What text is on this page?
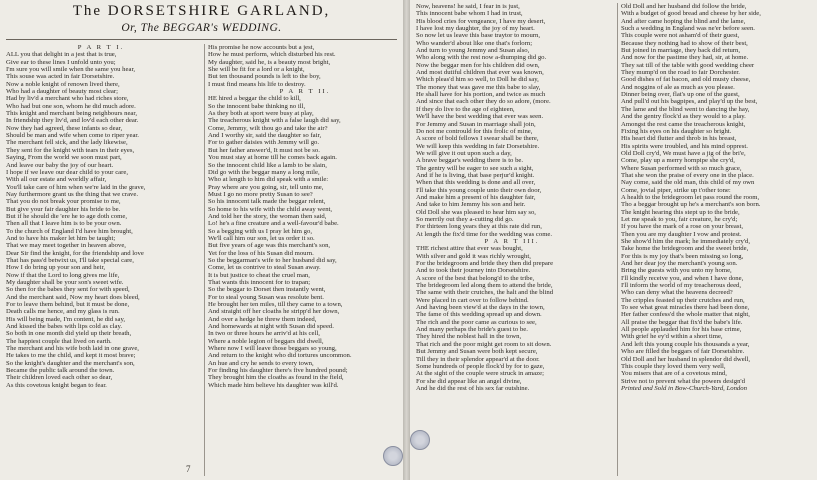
The DORSETSHIRE GARLAND,
Or, The BEGGAR's WEDDING.
P A R T I.
ALL you that delight in a jest that is true,
Give ear to these lines I unfold unto you;
I'm sure you will smile when the same you hear,
This souse was acted in fair Dorsetshire.
Now a noble knight of renown lived there,
Who had a daughter of beauty most clear;
Had by liv'd a merchant who had riches store,
Who had but one son, whom he did much adore.
This knight and merchant being neighbours near,
In friendship they liv'd, and lov'd each other dear.
Now they had agreed, these infants so dear,
Should be man and wife when come to riper year.
The merchant fell sick, and the lady likewise,
They sent for the knight with tears in their eyes,
Saying, From the world we soon must part,
And leave our baby the joy of our heart.
I hope if we leave our dear child to your care,
With all our estate and worldly affair,
You'll take care of him when we're laid in the grave,
Nay furthermore grant us the thing that we crave.
That you do not break your promise to me,
But give your fair daughter his bride to be.
But if he should die 'ere he to age doth come,
Then all that I leave him is to be your own.
To the church of England I'd have him brought,
And to have his maker let him be taught;
That we may meet together in heaven above,
Dear Sir find the knight, for the friendship and love
That has pass'd betwixt us, I'll take special care,
How I do bring up your son and heir,
Now if that the Lord to long gives me life,
My daughter shall be your son's sweet wife.
So then for the babes they sent for with speed,
And the merchant said, Now my heart does bleed,
For to leave them behind, but it must be done,
Death calls me hence, and my glass is run.
His will being made, I'm content, he did say,
And kissed the babes with lips cold as clay.
So both in one month did yield up their breath,
The happiest couple that lived on earth.
The merchant and his wife both laid in one grave,
He takes to me the child, and kept it most brave;
So the knight's daughter and the merchant's son,
Became the public talk around the town.
Their children loved each other so dear,
As this covetous knight began to fear.
His promise he now accounts but a jest,
How he must perform, which disturbed his rest.
My daughter, said he, is a beauty most bright,
She will be fit for a lord or a knight,
But ten thousand pounds is left to the boy,
I must find means his life to destroy.
P A R T II.
HE hired a beggar the child to kill,
So the innocent babe thinking no ill,
As they both at sport were busy at play,
The treacherous knight with a false laugh did say,
Come, Jemmy, wilt thou go and take the air?
And I worthy sir, said the daughter so fair,
For to gather daisies with Jemmy will go.
But her father answer'd, It must not be so.
You must stay at home till he comes back again.
So the innocent child like a lamb to be slain,
Did go with the beggar many a long mile,
Who at length to him did speak with a smile:
Pray where are you going, sir, tell unto me,
Must I go no more pretty Susan to see?
So his innocent talk made the beggar relent,
So home to his wife with the child away went,
And told her the story, the woman then said,
Lo! he's a fine creature and a well-favour'd babe.
So a begging with us I pray let him go,
We'll call him our son, let us order it so.
But five years of age was this merchant's son,
Yet for the loss of his Susan did mourn.
So the beggarman's wife to her husband did say,
Come, let us contrive to steal Susan away.
It is but justice to cheat the cruel man,
That wants this innocent for to trapan;
So the beggar to Dorset then instantly went,
For to steal young Susan was resolute bent.
He brought her ten miles, till they came to a town,
And straight off her cloaths he stripp'd her down,
And over a hedge he threw them indeed,
And homewards at night with Susan did speed.
In two or three hours he arriv'd at his cell,
Where a noble legion of beggars did dwell,
Where now I will leave those beggars so young,
And return to the knight who did tortures uncommon.
An hue and cry he sends to every town,
For finding his daughter there's five hundred pound;
They brought him the cloaths as found in the field,
Which made him believe his daughter was kill'd.
7
Now, heavens! he said, I fear in is just,
This innocent babe whom I had in trust,
His blood cries for vengeance, I have my desert,
I have lost my daughter, the joy of my heart.
So now let us leave this base traytor to mourn,
Who wander'd about like one that's forlorn;
And turn to young Jemmy and Susan also,
Who along with the rest now a-thumping did go.
Now the beggar men for his children did own,
And most dutiful children that ever was known,
Which pleas'd him so well, to Doll he did say,
The money that was gave me this babe to slay,
He shall have for his portion, and twice as much
And since that each other they do so adore, (more.
If they do live to the age of eighteen,
We'll have the best wedding that ever was seen.
For Jemmy and Susan in marriage shall join,
Do not me contrould for this frolic of mine,
A score of bold fellows I swear shall be there,
We will keep this wedding in fair Dorsetshire.
We will give it out upon such a day,
A brave beggar's wedding there is to be.
The gentry will be eager to see such a sight,
And if he is living, that base perjur'd knight.
When that this wedding is done and all over,
I'll take this young couple unto their own door,
And make him a present of his daughter fair,
And take to him Jemmy his son and heir.
Old Doll she was pleased to hear him say so,
So merrily out they a-cutting did go.
For thirteen long years they at this rate did run,
At length the fix'd time for the wedding was come.
P A R T III.
THE richest attire that ever was bought,
With silver and gold it was richly wrought,
For the bridegroom and bride they then did prepare
And to took their journey into Dorsetshire.
A score of the best that belong'd to the tribe,
The bridegroom led along them to attend the bride,
The same with their crutches, the halt and the blind
Were placed in cart over to follow behind.
And having been view'd at the days in the town,
The fame of this wedding spread up and down.
The rich and the poor came as curious to see,
And many perhaps the bride's guest to be.
They hired the noblest hall in the town,
That rich and the poor might get room to sit down.
But Jemmy and Susan were both kept secure,
Till they in their splendor appear'd at the door.
Some hundreds of people flock'd by for to gaze,
At the sight of the couple were struck in amaze;
For she did appear like an angel divine,
And he did the rest of his sex far outshine.
Old Doll and her husband did follow the bride,
With a budget of good bread and cheese by her side,
And after came hoping the blind and the lame,
Such a wedding in England was ne'er before seen.
This couple were not asham'd of their guest,
Because they nothing had to show of their best,
But joined in marriage, they back did return,
And now for the pastime they had, sir, at home.
They sat till of the table with good wedding cheer
They mump'd on the road to fair Dorchester.
Good dishes of fat bacon, and old musty cheese,
And noggins of ale as much as you please.
Dinner being over, flat's up one of the guest,
And pull'd out his bagpipes, and play'd up the best,
The lame and the blind went to dancing the hay,
And the gentry flock'd as they would to a play.
Amongst the rest came the treacherous knight,
Fixing his eyes on his daughter so bright.
His heart did flutter and throb in his breast,
His spirits were troubled, and his mind opprest.
Old Doll cry'd, We must have a jig of the bri'e,
Come, play up a merry hornpipe she cry'd,
Where Susan performed with so much grace,
That she won the praise of every one in the place.
Nay come, said the old man, this child of my own
Come, jovial piper, strike up t'other tone:
A health to the bridegroom let pass round the room,
Tho a beggar brought up he's a merchant's son born.
The knight hearing this stept up to the bride,
Let me speak to you, fair creature, he cry'd;
If you have the mark of a rose on your breast,
Then you are my daughter I vow and protest.
She show'd him the mark; he immediately cry'd,
Take home the bridegroom and the sweet bride,
For this is my joy that's been missing so long,
And her dear joy the merchant's young son.
Bring the guests with you unto my home,
I'll kindly receive you, and when I have done,
I'll inform the world of my treacherous deed,
Who can deny what the heavens decreed?
The cripples feasted up their crutches and run,
To see what great miracles there had been done,
Her father confess'd the whole matter that night,
All praise the beggar that fix'd the babe's life.
All people applauded him for his base crime,
With grief he ey'd within a short time,
And left this young couple his thousands a year,
Who are filled the beggars of fair Dorsetshire.
Old Doll and her husband in splendor did dwell,
This couple they loved them very well,
You misers that are of a covetous mind,
Strive not to prevent what the powers design'd
Printed and Sold in Bow-Church-Yard, London
